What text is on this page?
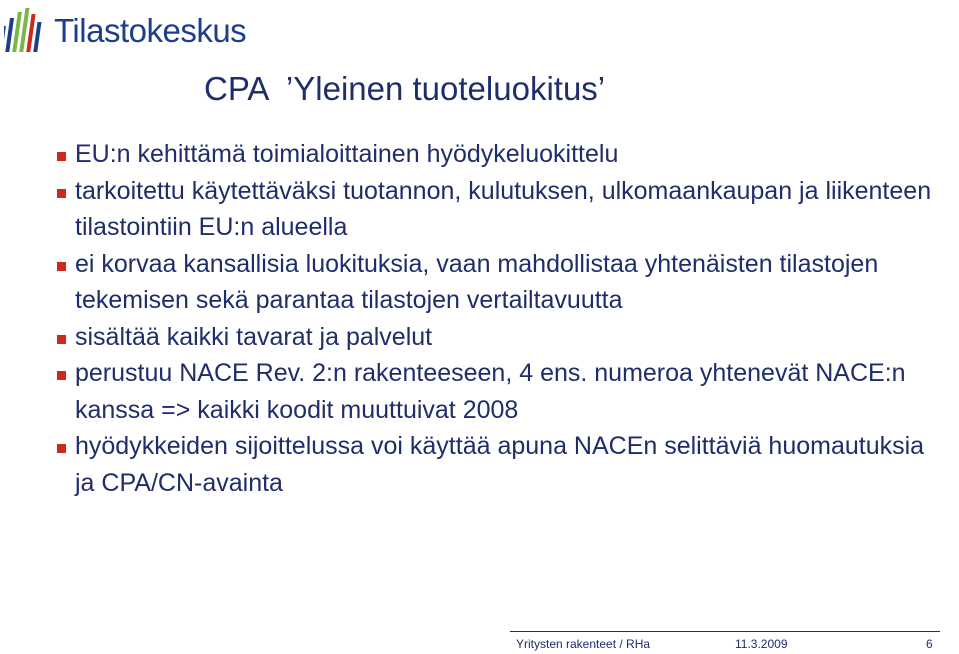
Tilastokeskus
CPA  ’Yleinen tuoteluokitus’
EU:n kehittämä toimialoittainen hyödykeluokittelu
tarkoitettu käytettäväksi tuotannon, kulutuksen, ulkomaankaupan ja liikenteen tilastointiin EU:n alueella
ei korvaa kansallisia luokituksia, vaan mahdollistaa yhtenäisten tilastojen tekemisen sekä parantaa tilastojen vertailtavuutta
sisältää kaikki tavarat ja palvelut
perustuu NACE Rev. 2:n rakenteeseen, 4 ens. numeroa yhtenevät NACE:n kanssa => kaikki koodit muuttuivat 2008
hyödykkeiden sijoittelussa voi käyttää apuna NACEn selittäviä huomautuksia ja CPA/CN-avainta
Yritysten rakenteet / RHa	11.3.2009	6
